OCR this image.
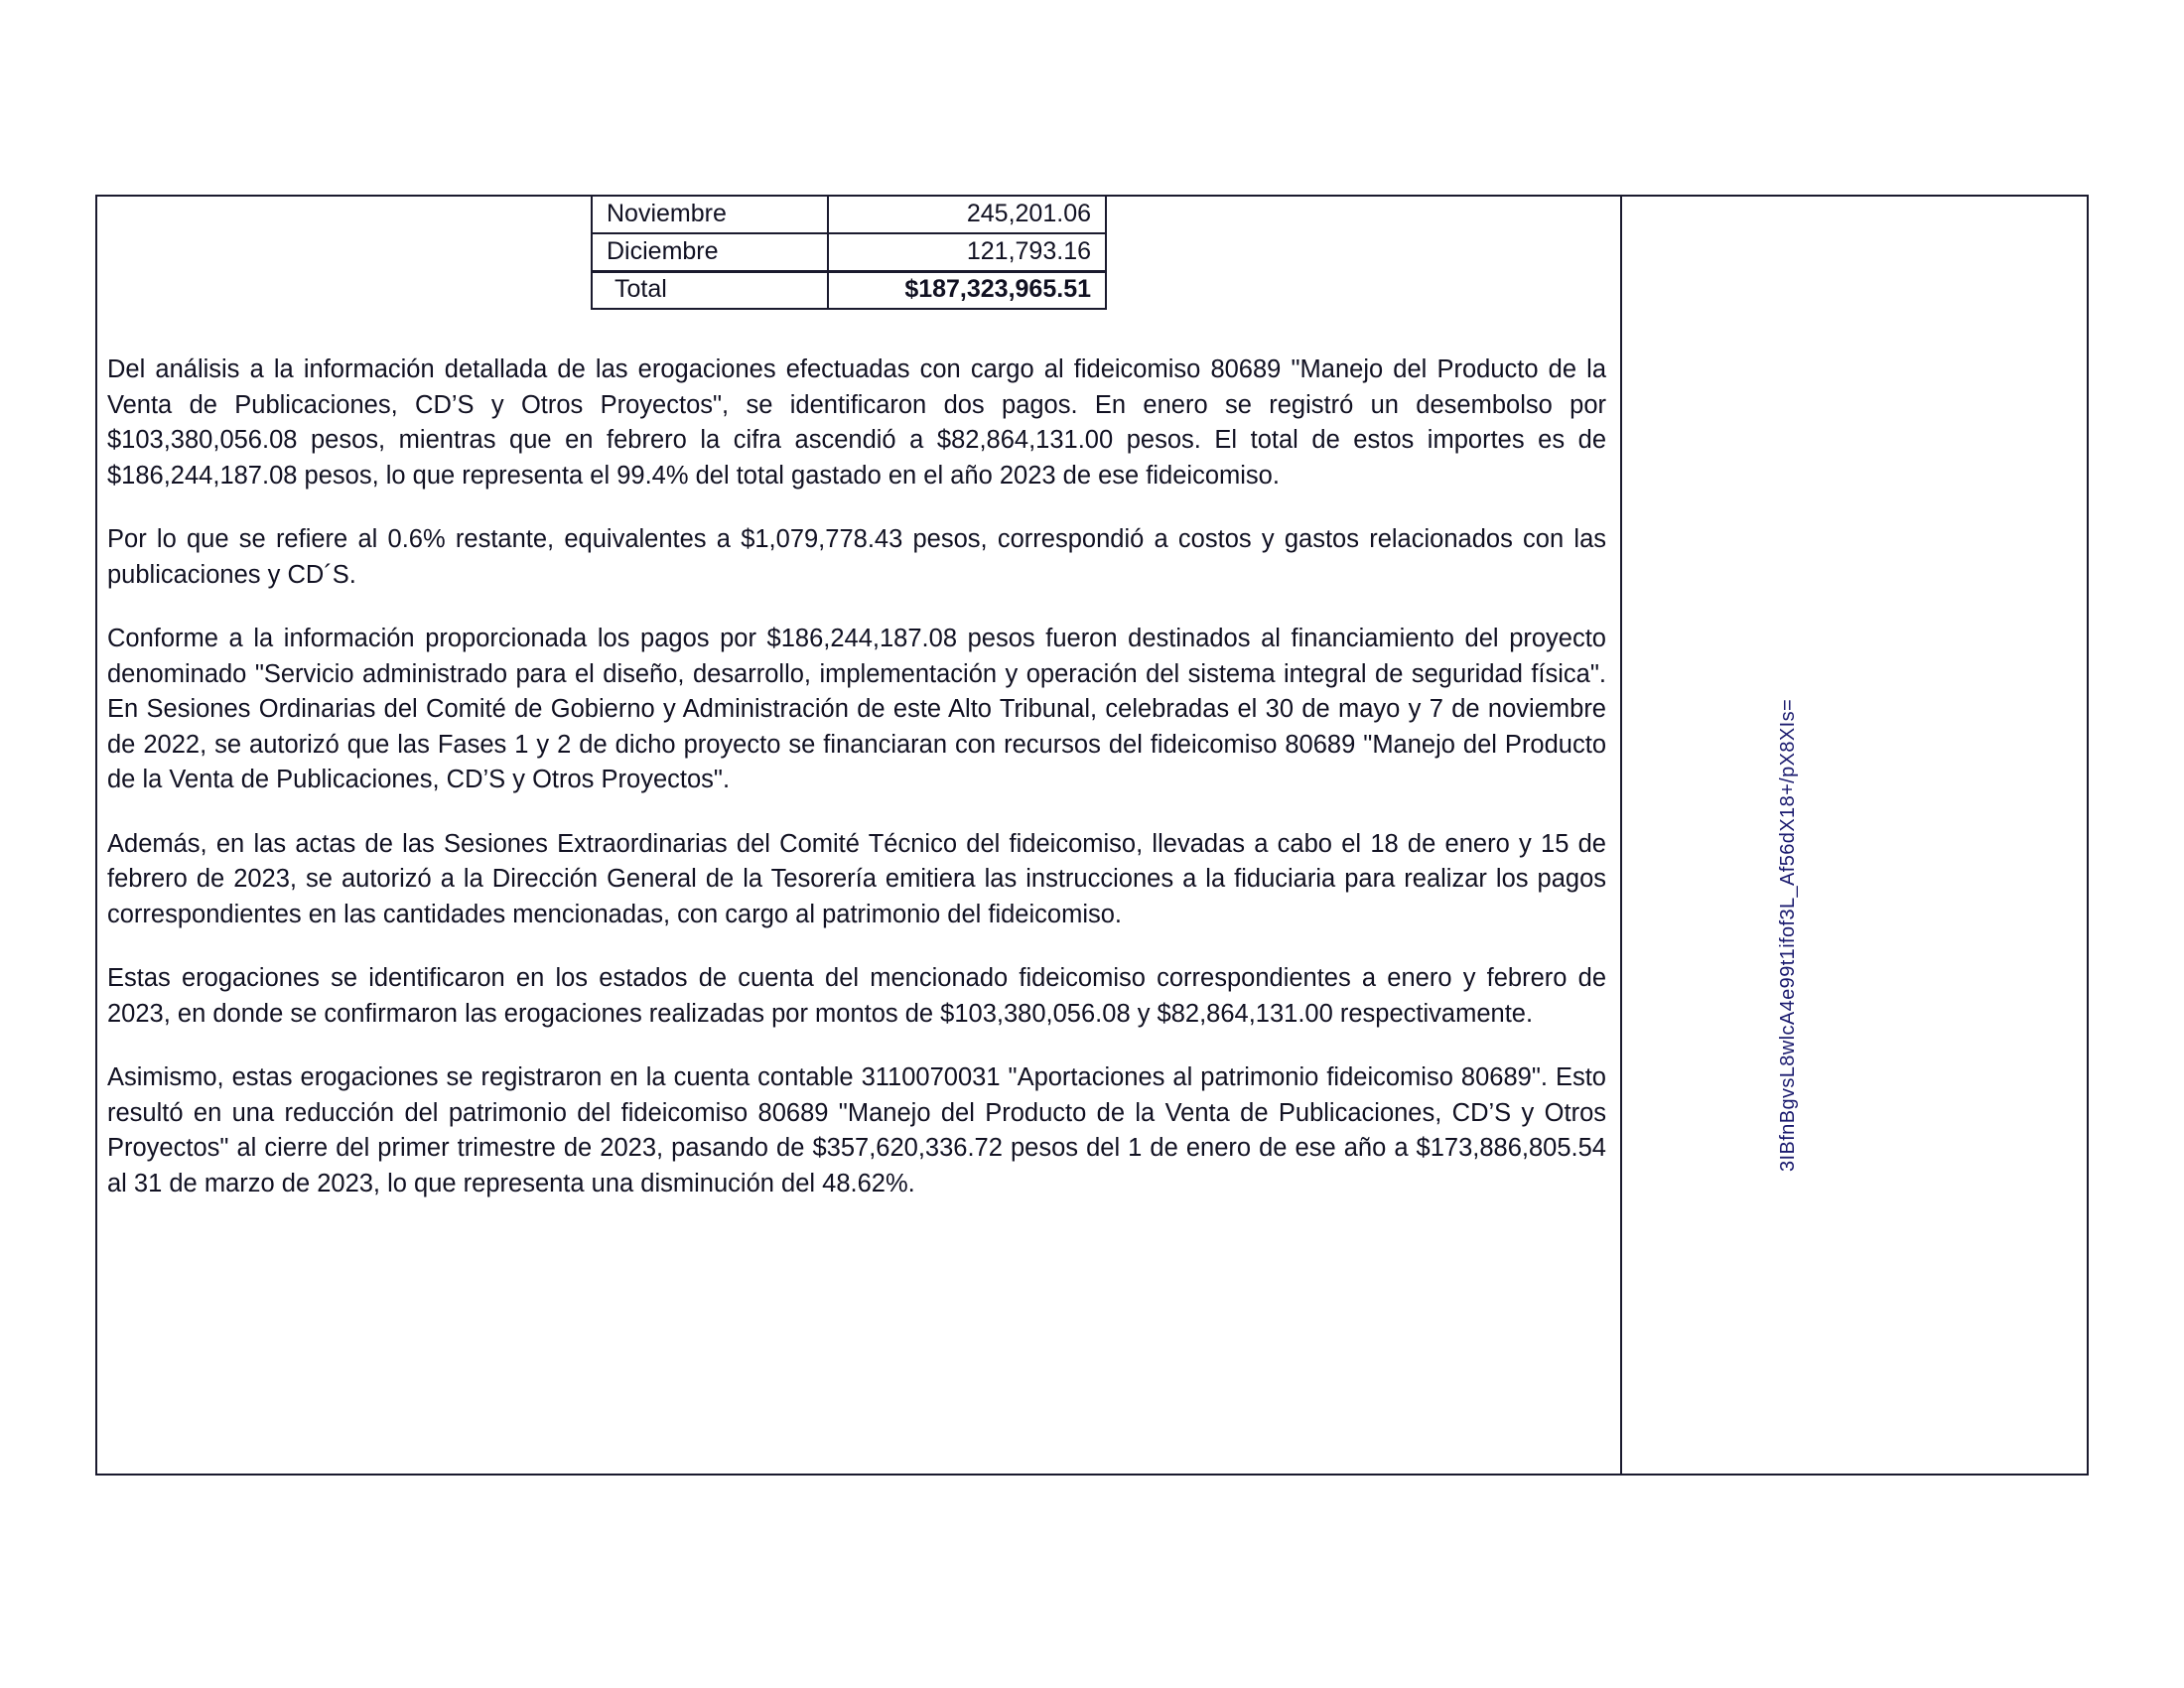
Noviembre	245,201.06
Diciembre	121,793.16
Total	$187,323,965.51

Del análisis a la información detallada de las erogaciones efectuadas con cargo al fideicomiso 80689 "Manejo del Producto de la Venta de Publicaciones, CD’S y Otros Proyectos", se identificaron dos pagos. En enero se registró un desembolso por $103,380,056.08 pesos, mientras que en febrero la cifra ascendió a $82,864,131.00 pesos. El total de estos importes es de $186,244,187.08 pesos, lo que representa el 99.4% del total gastado en el año 2023 de ese fideicomiso.

Por lo que se refiere al 0.6% restante, equivalentes a $1,079,778.43 pesos, correspondió a costos y gastos relacionados con las publicaciones y CD´S.

Conforme a la información proporcionada los pagos por $186,244,187.08 pesos fueron destinados al financiamiento del proyecto denominado "Servicio administrado para el diseño, desarrollo, implementación y operación del sistema integral de seguridad física". En Sesiones Ordinarias del Comité de Gobierno y Administración de este Alto Tribunal, celebradas el 30 de mayo y 7 de noviembre de 2022, se autorizó que las Fases 1 y 2 de dicho proyecto se financiaran con recursos del fideicomiso 80689 "Manejo del Producto de la Venta de Publicaciones, CD’S y Otros Proyectos".

Además, en las actas de las Sesiones Extraordinarias del Comité Técnico del fideicomiso, llevadas a cabo el 18 de enero y 15 de febrero de 2023, se autorizó a la Dirección General de la Tesorería emitiera las instrucciones a la fiduciaria para realizar los pagos correspondientes en las cantidades mencionadas, con cargo al patrimonio del fideicomiso.

Estas erogaciones se identificaron en los estados de cuenta del mencionado fideicomiso correspondientes a enero y febrero de 2023, en donde se confirmaron las erogaciones realizadas por montos de $103,380,056.08 y $82,864,131.00 respectivamente.

Asimismo, estas erogaciones se registraron en la cuenta contable 3110070031 "Aportaciones al patrimonio fideicomiso 80689". Esto resultó en una reducción del patrimonio del fideicomiso 80689 "Manejo del Producto de la Venta de Publicaciones, CD’S y Otros Proyectos" al cierre del primer trimestre de 2023, pasando de $357,620,336.72 pesos del 1 de enero de ese año a $173,886,805.54 al 31 de marzo de 2023, lo que representa una disminución del 48.62%.

3IBfnBgvsL8wlcA4e99t1ifof3L_Af56dX18+/pX8XIs=
